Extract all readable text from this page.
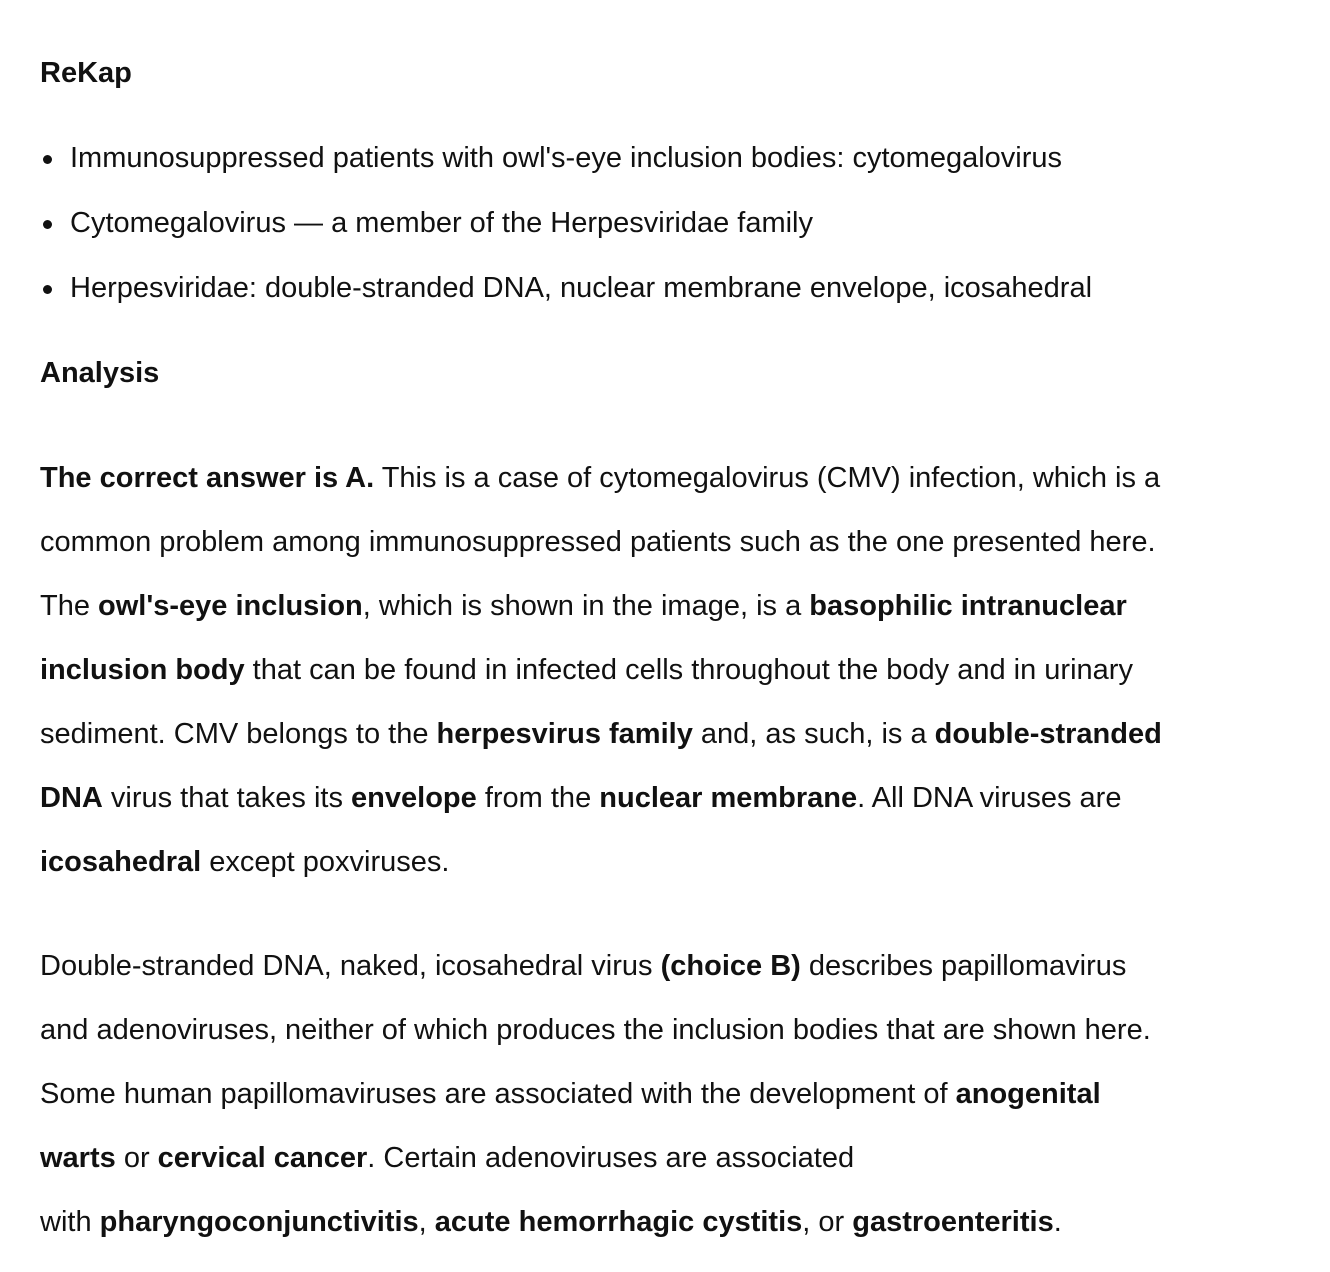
ReKap
Immunosuppressed patients with owl's-eye inclusion bodies: cytomegalovirus
Cytomegalovirus — a member of the Herpesviridae family
Herpesviridae: double-stranded DNA, nuclear membrane envelope, icosahedral
Analysis

The correct answer is A. This is a case of cytomegalovirus (CMV) infection, which is a
common problem among immunosuppressed patients such as the one presented here.
The owl's-eye inclusion, which is shown in the image, is a basophilic intranuclear
inclusion body that can be found in infected cells throughout the body and in urinary
sediment. CMV belongs to the herpesvirus family and, as such, is a double-stranded
DNA virus that takes its envelope from the nuclear membrane. All DNA viruses are
icosahedral except poxviruses.

Double-stranded DNA, naked, icosahedral virus (choice B) describes papillomavirus
and adenoviruses, neither of which produces the inclusion bodies that are shown here.
Some human papillomaviruses are associated with the development of anogenital
warts or cervical cancer. Certain adenoviruses are associated
with pharyngoconjunctivitis, acute hemorrhagic cystitis, or gastroenteritis.
